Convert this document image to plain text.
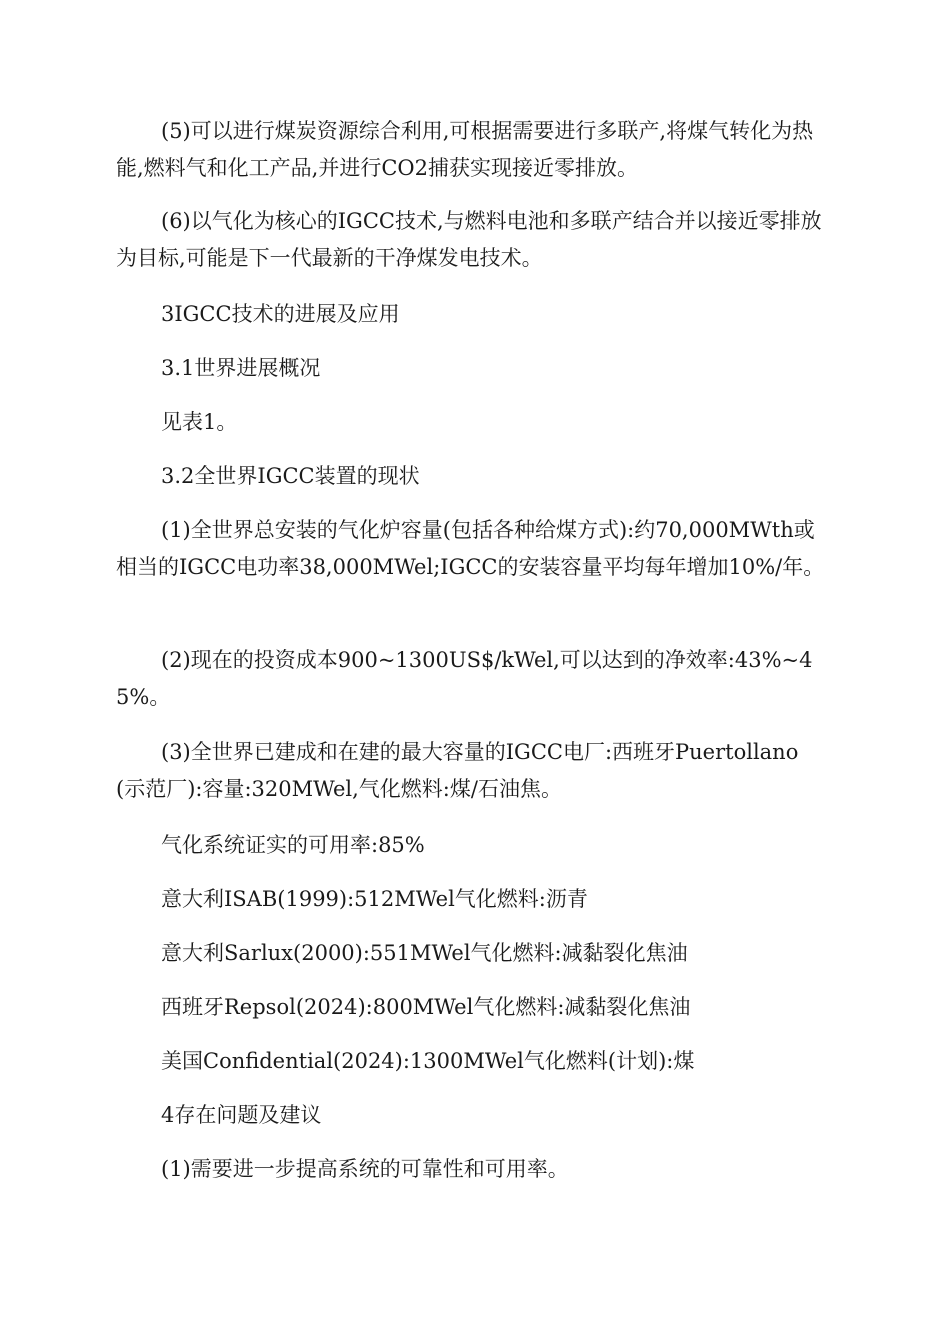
(5)可以进行煤炭资源综合利用,可根据需要进行多联产,将煤气转化为热能,燃料气和化工产品,并进行CO2捕获实现接近零排放。

(6)以气化为核心的IGCC技术,与燃料电池和多联产结合并以接近零排放为目标,可能是下一代最新的干净煤发电技术。

3IGCC技术的进展及应用

3.1世界进展概况

见表1。

3.2全世界IGCC装置的现状

(1)全世界总安装的气化炉容量(包括各种给煤方式):约70,000MWth或相当的IGCC电功率38,000MWel;IGCC的安装容量平均每年增加10%/年。

(2)现在的投资成本900~1300US$/kWel,可以达到的净效率:43%~45%。

(3)全世界已建成和在建的最大容量的IGCC电厂:西班牙Puertollano(示范厂):容量:320MWel,气化燃料:煤/石油焦。

气化系统证实的可用率:85%

意大利ISAB(1999):512MWel气化燃料:沥青

意大利Sarlux(2000):551MWel气化燃料:减黏裂化焦油

西班牙Repsol(2024):800MWel气化燃料:减黏裂化焦油

美国Confidential(2024):1300MWel气化燃料(计划):煤

4存在问题及建议

(1)需要进一步提高系统的可靠性和可用率。
